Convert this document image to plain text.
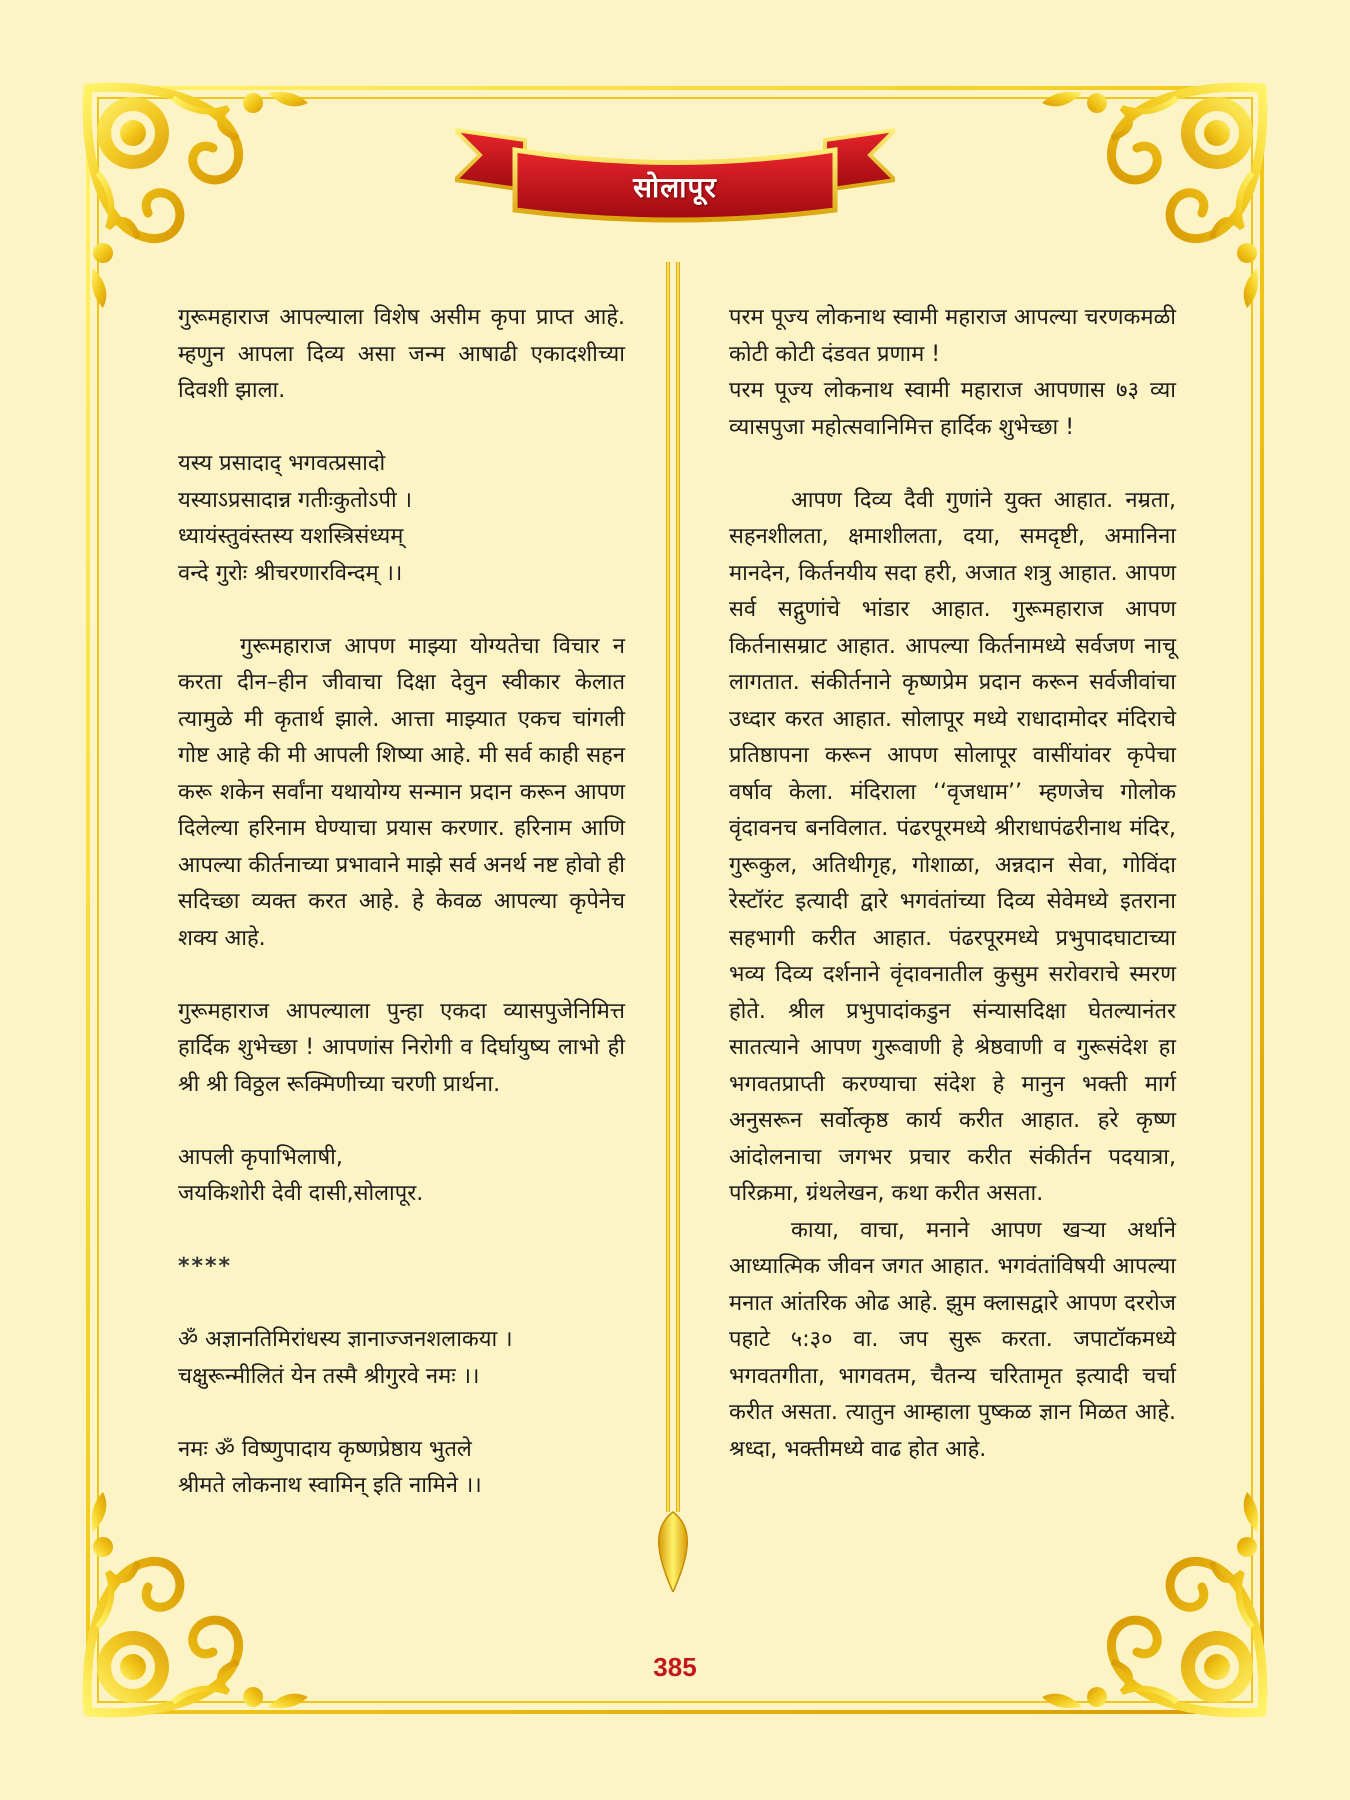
सोलापूर

गुरूमहाराज आपल्याला विशेष असीम कृपा प्राप्त आहे. म्हणुन आपला दिव्य असा जन्म आषाढी एकादशीच्या दिवशी झाला.

यस्य प्रसादाद् भगवत्प्रसादो

यस्याऽप्रसादान्न गतीःकुतोऽपी ।

ध्यायंस्तुवंस्तस्य यशस्त्रिसंध्यम्

वन्दे गुरोः श्रीचरणारविन्दम् ।।

गुरूमहाराज आपण माझ्या योग्यतेचा विचार न करता दीन–हीन जीवाचा दिक्षा देवुन स्वीकार केलात त्यामुळे मी कृतार्थ झाले. आत्ता माझ्यात एकच चांगली गोष्ट आहे की मी आपली शिष्या आहे. मी सर्व काही सहन करू शकेन सर्वांना यथायोग्य सन्मान प्रदान करून आपण दिलेल्या हरिनाम घेण्याचा प्रयास करणार. हरिनाम आणि आपल्या कीर्तनाच्या प्रभावाने माझे सर्व अनर्थ नष्ट होवो ही सदिच्छा व्यक्त करत आहे. हे केवळ आपल्या कृपेनेच शक्य आहे.

गुरूमहाराज आपल्याला पुन्हा एकदा व्यासपुजेनिमित्त हार्दिक शुभेच्छा ! आपणांस निरोगी व दिर्घायुष्य लाभो ही श्री श्री विठ्ठल रूक्मिणीच्या चरणी प्रार्थना.

आपली कृपाभिलाषी,

जयकिशोरी देवी दासी,सोलापूर.

****

ॐ अज्ञानतिमिरांधस्य ज्ञानाज्जनशलाकया ।

चक्षुरून्मीलितं येन तस्मै श्रीगुरवे नमः ।।

नमः ॐ विष्णुपादाय कृष्णप्रेष्ठाय भुतले

श्रीमते लोकनाथ स्वामिन् इति नामिने ।।

परम पूज्य लोकनाथ स्वामी महाराज आपल्या चरणकमळी कोटी कोटी दंडवत प्रणाम !

परम पूज्य लोकनाथ स्वामी महाराज आपणास ७३ व्या व्यासपुजा महोत्सवानिमित्त हार्दिक शुभेच्छा !

आपण दिव्य दैवी गुणांने युक्त आहात. नम्रता, सहनशीलता, क्षमाशीलता, दया, समदृष्टी, अमानिना मानदेन, किर्तनयीय सदा हरी, अजात शत्रु आहात. आपण सर्व सद्गुणांचे भांडार आहात. गुरूमहाराज आपण किर्तनासम्राट आहात. आपल्या किर्तनामध्ये सर्वजण नाचू लागतात. संकीर्तनाने कृष्णप्रेम प्रदान करून सर्वजीवांचा उध्दार करत आहात. सोलापूर मध्ये राधादामोदर मंदिराचे प्रतिष्ठापना करून आपण सोलापूर वासींयांवर कृपेचा वर्षाव केला. मंदिराला ‘‘वृजधाम’’ म्हणजेच गोलोक वृंदावनच बनविलात. पंढरपूरमध्ये श्रीराधापंढरीनाथ मंदिर, गुरूकुल, अतिथीगृह, गोशाळा, अन्नदान सेवा, गोविंदा रेस्टॉरंट इत्यादी द्वारे भगवंतांच्या दिव्य सेवेमध्ये इतराना सहभागी करीत आहात. पंढरपूरमध्ये प्रभुपादघाटाच्या भव्य दिव्य दर्शनाने वृंदावनातील कुसुम सरोवराचे स्मरण होते. श्रील प्रभुपादांकडुन संन्यासदिक्षा घेतल्यानंतर सातत्याने आपण गुरूवाणी हे श्रेष्ठवाणी व गुरूसंदेश हा भगवतप्राप्ती करण्याचा संदेश हे मानुन भक्ती मार्ग अनुसरून सर्वोत्कृष्ठ कार्य करीत आहात. हरे कृष्ण आंदोलनाचा जगभर प्रचार करीत संकीर्तन पदयात्रा, परिक्रमा, ग्रंथलेखन, कथा करीत असता.

काया, वाचा, मनाने आपण खऱ्या अर्थाने आध्यात्मिक जीवन जगत आहात. भगवंतांविषयी आपल्या मनात आंतरिक ओढ आहे. झुम क्लासद्वारे आपण दररोज पहाटे ५:३० वा. जप सुरू करता. जपाटॉकमध्ये भगवतगीता, भागवतम, चैतन्य चरितामृत इत्यादी चर्चा करीत असता. त्यातुन आम्हाला पुष्कळ ज्ञान मिळत आहे. श्रध्दा, भक्तीमध्ये वाढ होत आहे.

385
